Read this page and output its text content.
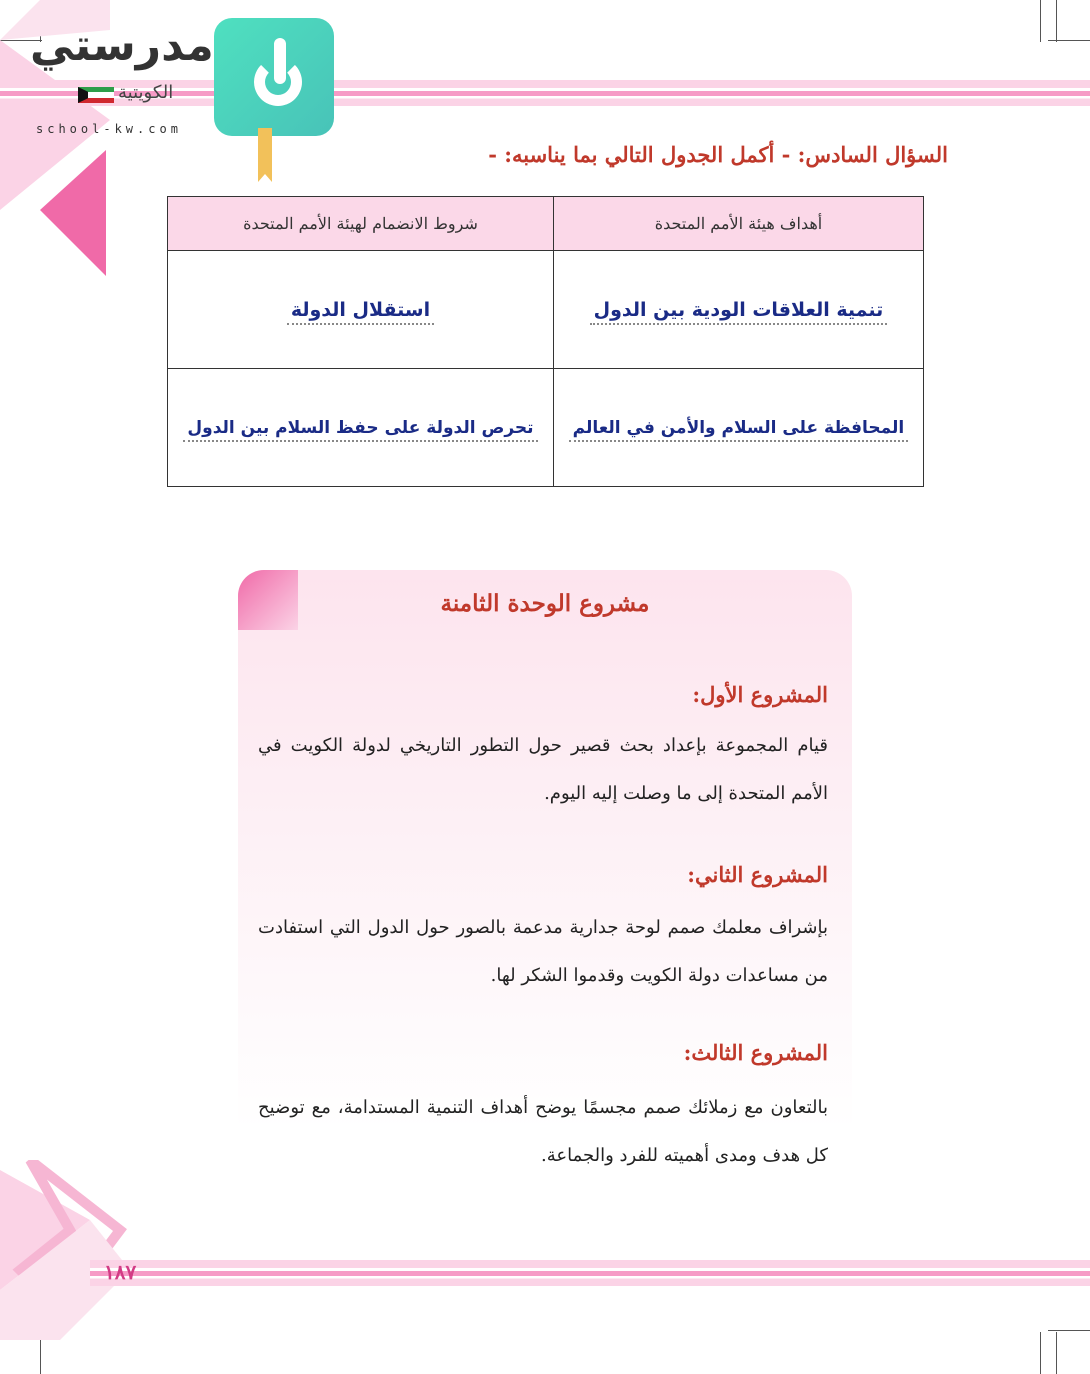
مدرستي
الكويتية
school-kw.com
السؤال السادس: - أكمل الجدول التالي بما يناسبه: -
أهداف هيئة الأمم المتحدة	شروط الانضمام لهيئة الأمم المتحدة
تنمية العلاقات الودية بين الدول	استقلال الدولة
المحافظة على السلام والأمن في العالم	تحرص الدولة على حفظ السلام بين الدول
مشروع الوحدة الثامنة
المشروع الأول:
قيام المجموعة بإعداد بحث قصير حول التطور التاريخي لدولة الكويت في الأمم المتحدة إلى ما وصلت إليه اليوم.
المشروع الثاني:
بإشراف معلمك صمم لوحة جدارية مدعمة بالصور حول الدول التي استفادت من مساعدات دولة الكويت وقدموا الشكر لها.
المشروع الثالث:
بالتعاون مع زملائك صمم مجسمًا يوضح أهداف التنمية المستدامة، مع توضيح كل هدف ومدى أهميته للفرد والجماعة.
١٨٧
